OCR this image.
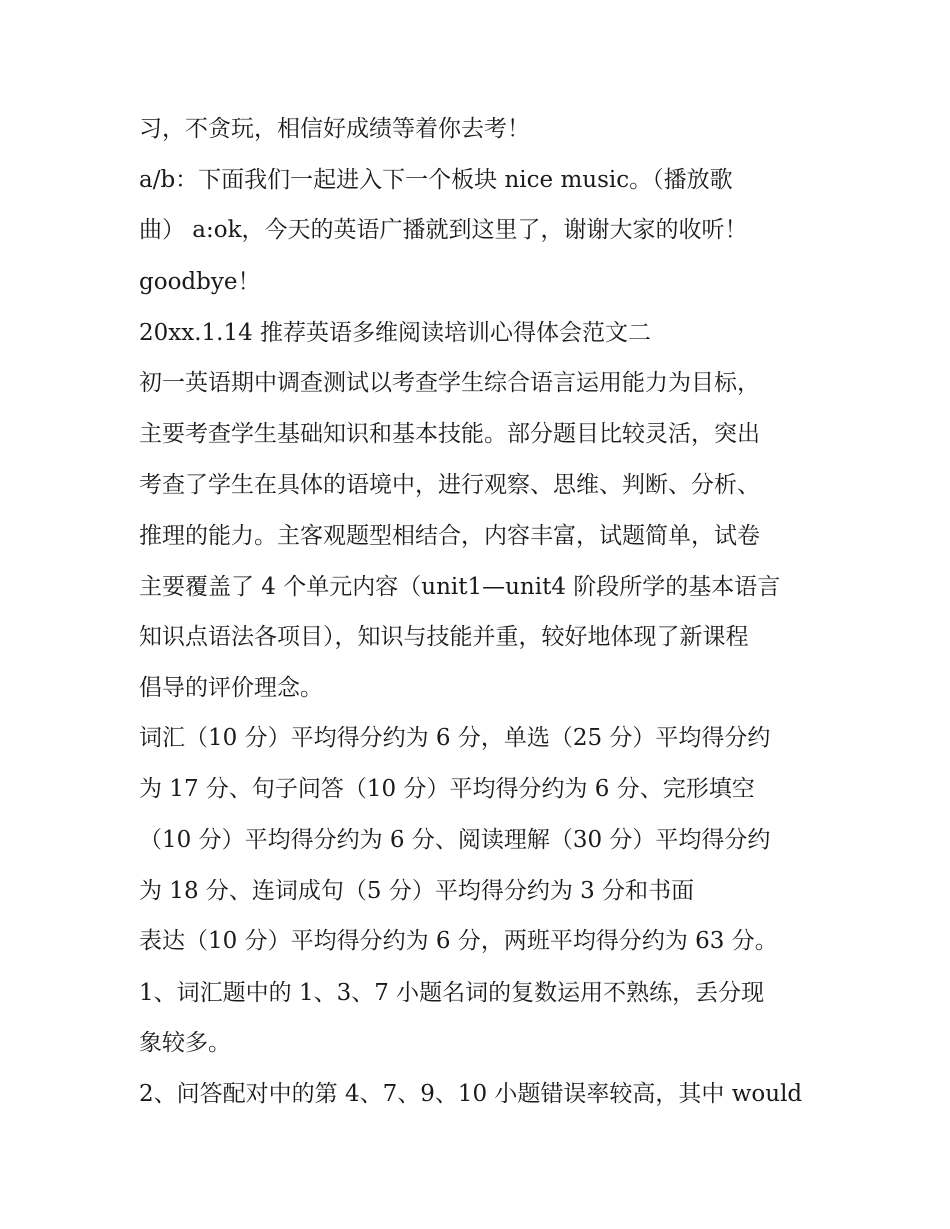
习，不贪玩，相信好成绩等着你去考！

a/b：下面我们一起进入下一个板块 nice music。（播放歌

曲） a:ok，今天的英语广播就到这里了，谢谢大家的收听！

goodbye！

20xx.1.14 推荐英语多维阅读培训心得体会范文二

初一英语期中调查测试以考查学生综合语言运用能力为目标，

主要考查学生基础知识和基本技能。部分题目比较灵活，突出

考查了学生在具体的语境中，进行观察、思维、判断、分析、

推理的能力。主客观题型相结合，内容丰富，试题简单，试卷

主要覆盖了 4 个单元内容（unit1—unit4 阶段所学的基本语言

知识点语法各项目），知识与技能并重，较好地体现了新课程

倡导的评价理念。

词汇（10 分）平均得分约为 6 分，单选（25 分）平均得分约

为 17 分、句子问答（10 分）平均得分约为 6 分、完形填空

（10 分）平均得分约为 6 分、阅读理解（30 分）平均得分约

为 18 分、连词成句（5 分）平均得分约为 3 分和书面

表达（10 分）平均得分约为 6 分，两班平均得分约为 63 分。

1、词汇题中的 1、3、7 小题名词的复数运用不熟练，丢分现

象较多。

2、问答配对中的第 4、7、9、10 小题错误率较高，其中 would
